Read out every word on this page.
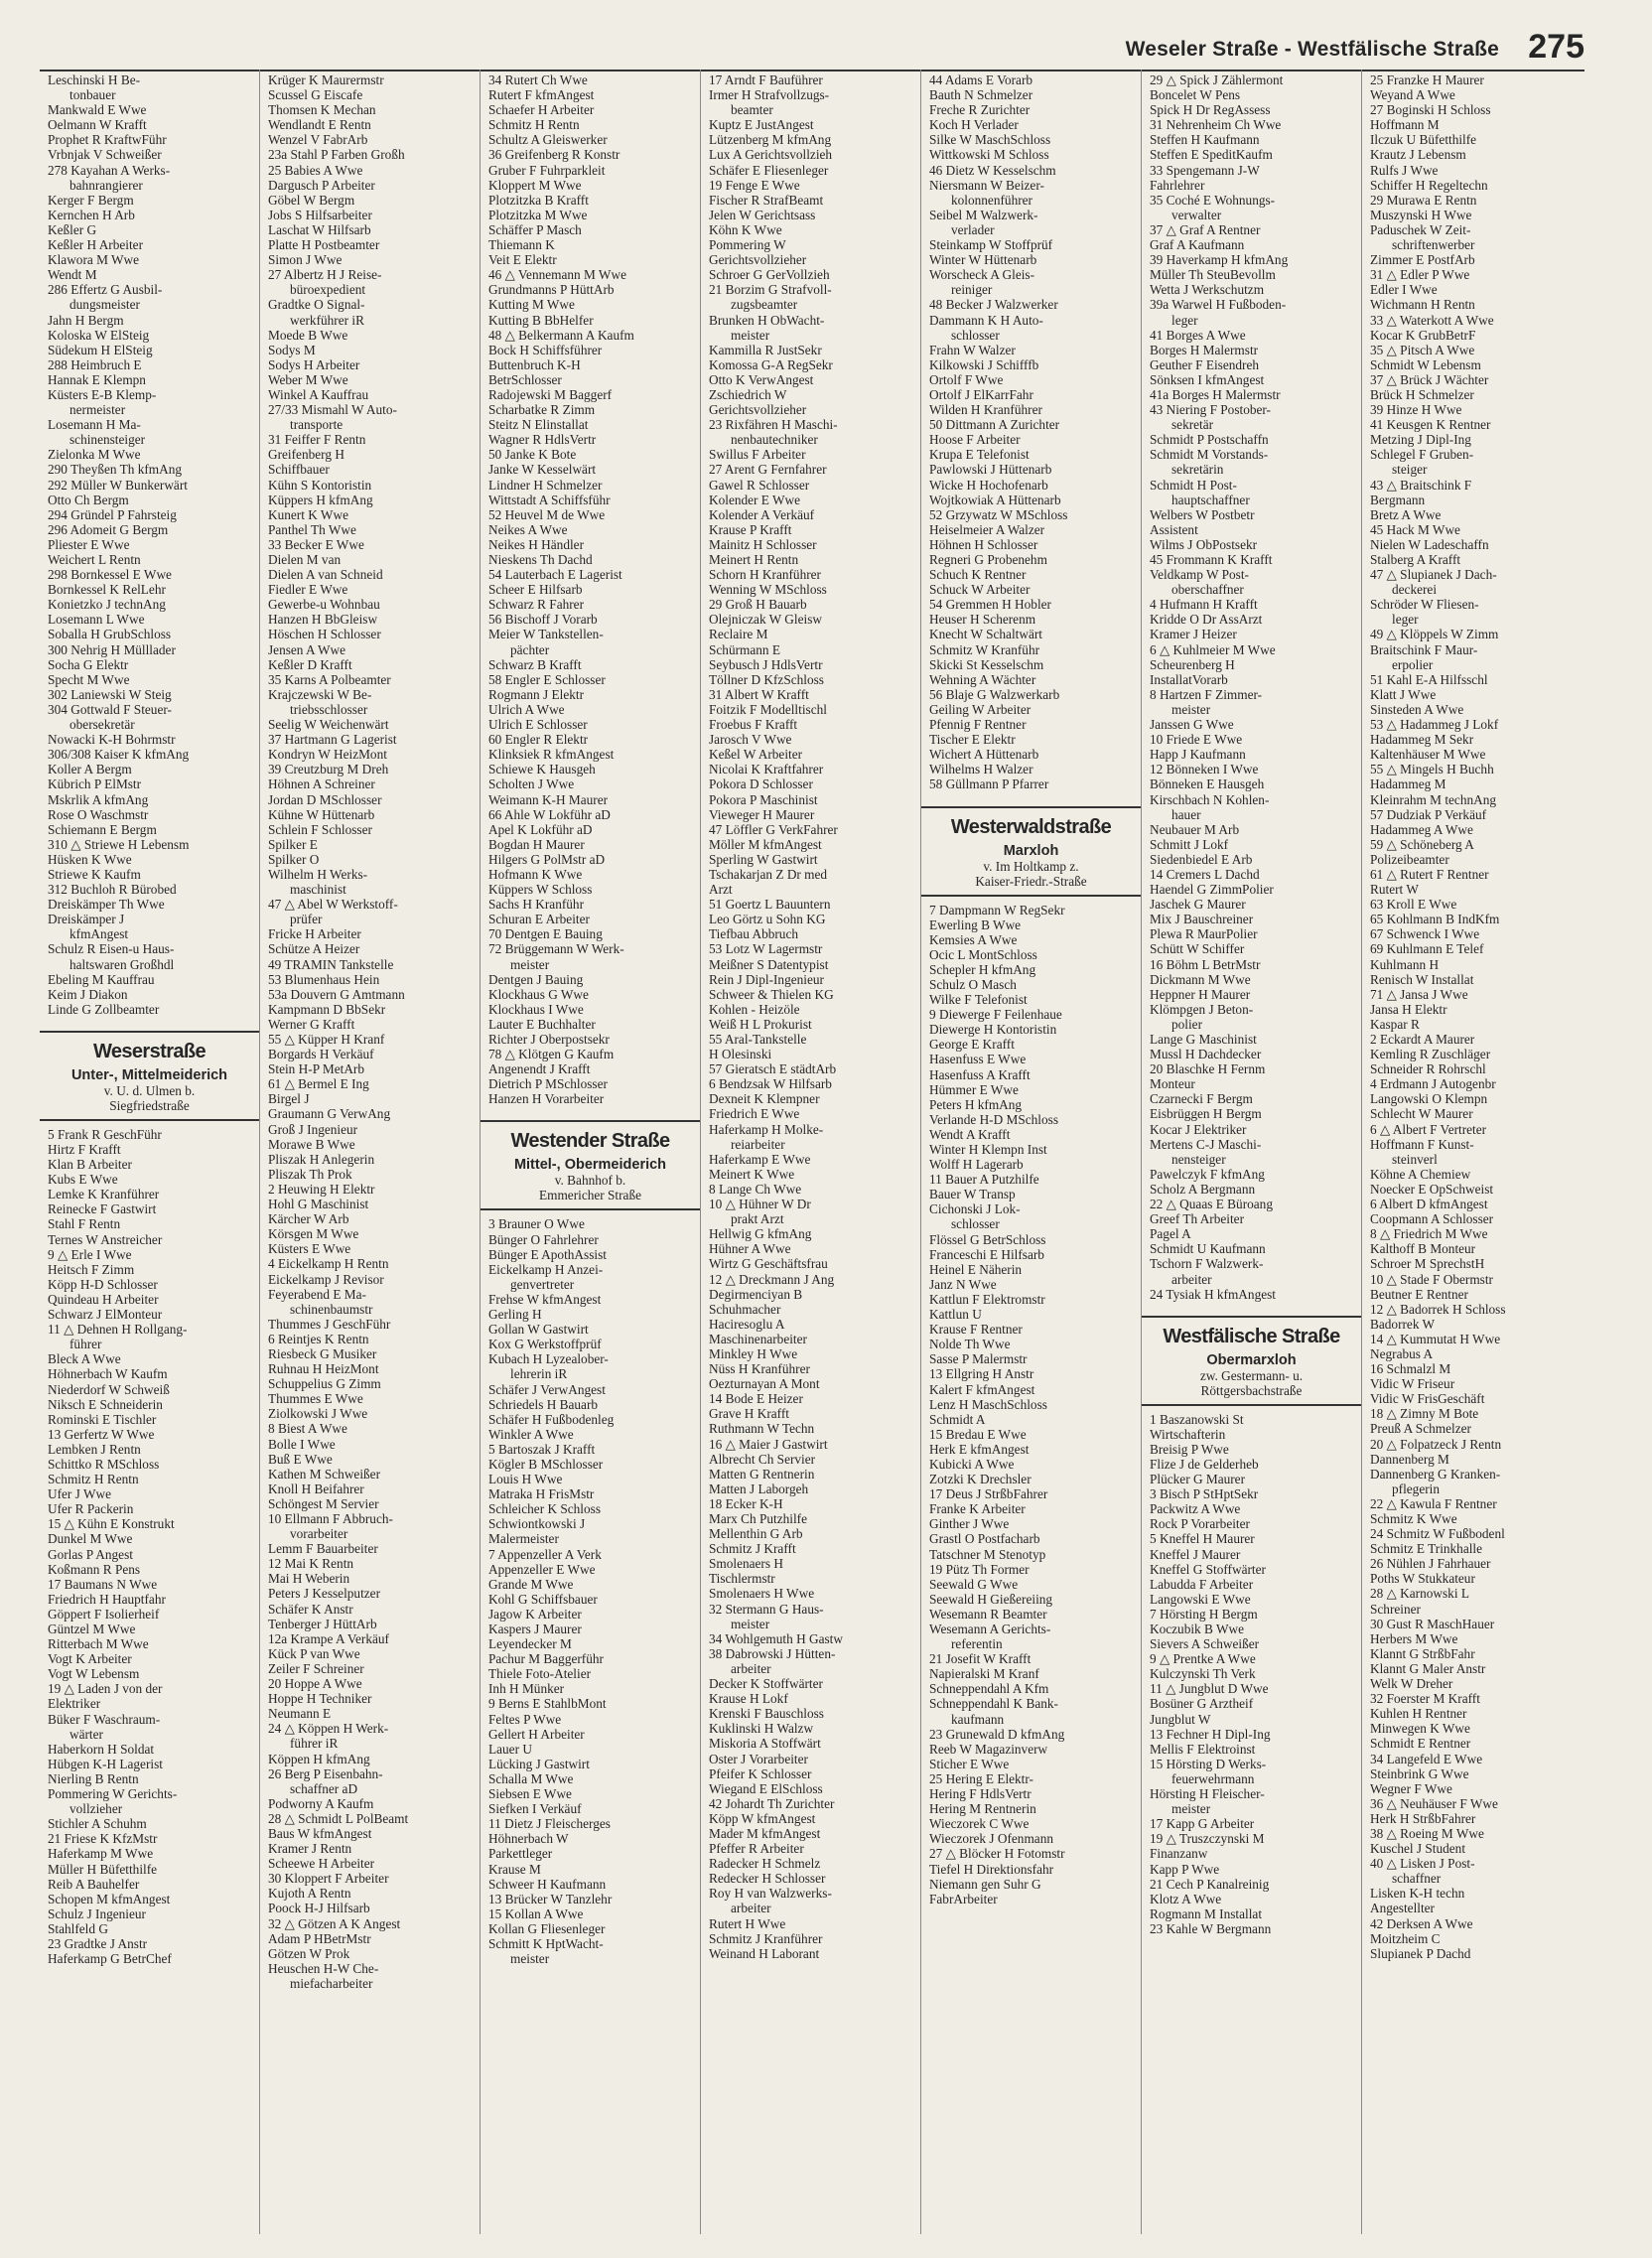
Weseler Straße - Westfälische Straße 275
Leschinski H Be-
tonbauer
Mankwald E Wwe
Oelmann W Krafft
Prophet R KraftwFühr
Vrbnjak V Schweißer
278 Kayahan A Werks-
bahnrangierer
Kerger F Bergm
Kernchen H Arb
Keßler G
Keßler H Arbeiter
Klawora M Wwe
Wendt M
286 Effertz G Ausbil-
dungsmeister
Jahn H Bergm
Koloska W ElSteig
Südekum H ElSteig
288 Heimbruch E
Hannak E Klempn
Küsters E-B Klemp-
nermeister
Losemann H Ma-
schinensteiger
Zielonka M Wwe
290 Theyßen Th kfmAng
292 Müller W Bunkerwärt
Otto Ch Bergm
294 Gründel P Fahrsteig
296 Adomeit G Bergm
Pliester E Wwe
Weichert L Rentn
298 Bornkessel E Wwe
Bornkessel K RelLehr
Konietzko J technAng
Losemann L Wwe
Soballa H GrubSchloss
300 Nehrig H Mülllader
Socha G Elektr
Specht M Wwe
302 Laniewski W Steig
304 Gottwald F Steuer-
obersekretär
Nowacki K-H Bohrmstr
306/308 Kaiser K kfmAng
Koller A Bergm
Kübrich P ElMstr
Mskrlik A kfmAng
Rose O Waschmstr
Schiemann E Bergm
310 △ Striewe H Lebensm
Hüsken K Wwe
Striewe K Kaufm
312 Buchloh R Bürobed
Dreiskämper Th Wwe
Dreiskämper J
kfmAngest
Schulz R Eisen-u Haus-
haltswaren Großhdl
Ebeling M Kauffrau
Keim J Diakon
Linde G Zollbeamter
Weserstraße
Unter-, Mittelmeiderich
v. U. d. Ulmen b.
Siegfriedstraße
5 Frank R GeschFühr
Hirtz F Krafft
Klan B Arbeiter
Kubs E Wwe
Lemke K Kranführer
Reinecke F Gastwirt
Stahl F Rentn
Ternes W Anstreicher
9 △ Erle I Wwe
Heitsch F Zimm
Köpp H-D Schlosser
Quindeau H Arbeiter
Schwarz J ElMonteur
11 △ Dehnen H Rollgang-
führer
Bleck A Wwe
Höhnerbach W Kaufm
Niederdorf W Schweiß
Niksch E Schneiderin
Rominski E Tischler
13 Gerfertz W Wwe
Lembken J Rentn
Schittko R MSchloss
Schmitz H Rentn
Ufer J Wwe
Ufer R Packerin
15 △ Kühn E Konstrukt
Dunkel M Wwe
Gorlas P Angest
Koßmann R Pens
17 Baumans N Wwe
Friedrich H Hauptfahr
Göppert F Isolierheif
Güntzel M Wwe
Ritterbach M Wwe
Vogt K Arbeiter
Vogt W Lebensm
19 △ Laden J von der
Elektriker
Büker F Waschraum-
wärter
Haberkorn H Soldat
Hübgen K-H Lagerist
Nierling B Rentn
Pommering W Gerichts-
vollzieher
Stichler A Schuhm
21 Friese K KfzMstr
Haferkamp M Wwe
Müller H Büfetthilfe
Reib A Bauhelfer
Schopen M kfmAngest
Schulz J Ingenieur
Stahlfeld G
23 Gradtke J Anstr
Haferkamp G BetrChef
Krüger K Maurermstr
Scussel G Eiscafe
Thomsen K Mechan
Wendlandt E Rentn
Wenzel V FabrArb
23a Stahl P Farben Großh
25 Babies A Wwe
Dargusch P Arbeiter
Göbel W Bergm
Jobs S Hilfsarbeiter
Laschat W Hilfsarb
Platte H Postbeamter
Simon J Wwe
27 Albertz H J Reise-
büroexpedient
Gradtke O Signal-
werkführer iR
Moede B Wwe
Sodys M
Sodys H Arbeiter
Weber M Wwe
Winkel A Kauffrau
27/33 Mismahl W Auto-
transporte
31 Feiffer F Rentn
Greifenberg H
Schiffbauer
Kühn S Kontoristin
Küppers H kfmAng
Kunert K Wwe
Panthel Th Wwe
33 Becker E Wwe
Dielen M van
Dielen A van Schneid
Fiedler E Wwe
Gewerbe-u Wohnbau
Hanzen H BbGleisw
Höschen H Schlosser
Jensen A Wwe
Keßler D Krafft
35 Karns A Polbeamter
Krajczewski W Be-
triebsschlosser
Seelig W Weichenwärt
37 Hartmann G Lagerist
Kondryn W HeizMont
39 Creutzburg M Dreh
Höhnen A Schreiner
Jordan D MSchlosser
Kühne W Hüttenarb
Schlein F Schlosser
Spilker E
Spilker O
Wilhelm H Werks-
maschinist
47 △ Abel W Werkstoff-
prüfer
Fricke H Arbeiter
Schütze A Heizer
49 TRAMIN Tankstelle
53 Blumenhaus Hein
53a Douvern G Amtmann
Kampmann D BbSekr
Werner G Krafft
55 △ Küpper H Kranf
Borgards H Verkäuf
Stein H-P MetArb
61 △ Bermel E Ing
Birgel J
Graumann G VerwAng
Groß J Ingenieur
Morawe B Wwe
Pliszak H Anlegerin
Pliszak Th Prok
2 Heuwing H Elektr
Hohl G Maschinist
Kärcher W Arb
Körsgen M Wwe
Küsters E Wwe
4 Eickelkamp H Rentn
Eickelkamp J Revisor
Feyerabend E Ma-
schinenbaumstr
Thummes J GeschFühr
6 Reintjes K Rentn
Riesbeck G Musiker
Ruhnau H HeizMont
Schuppelius G Zimm
Thummes E Wwe
Ziolkowski J Wwe
8 Biest A Wwe
Bolle I Wwe
Buß E Wwe
Kathen M Schweißer
Knoll H Beifahrer
Schöngest M Servier
10 Ellmann F Abbruch-
vorarbeiter
Lemm F Bauarbeiter
12 Mai K Rentn
Mai H Weberin
Peters J Kesselputzer
Schäfer K Anstr
Tenberger J HüttArb
12a Krampe A Verkäuf
Kück P van Wwe
Zeiler F Schreiner
20 Hoppe A Wwe
Hoppe H Techniker
Neumann E
24 △ Köppen H Werk-
führer iR
Köppen H kfmAng
26 Berg P Eisenbahn-
schaffner aD
Podworny A Kaufm
28 △ Schmidt L PolBeamt
Baus W kfmAngest
Kramer J Rentn
Scheewe H Arbeiter
30 Kloppert F Arbeiter
Kujoth A Rentn
Poock H-J Hilfsarb
32 △ Götzen A K Angest
Adam P HBetrMstr
Götzen W Prok
Heuschen H-W Che-
miefacharbeiter
34 Rutert Ch Wwe
Rutert F kfmAngest
Schaefer H Arbeiter
Schmitz H Rentn
Schultz A Gleiswerker
36 Greifenberg R Konstr
Gruber F Fuhrparkleit
Kloppert M Wwe
Plotzitzka B Krafft
Plotzitzka M Wwe
Schäffer P Masch
Thiemann K
Veit E Elektr
46 △ Vennemann M Wwe
Grundmanns P HüttArb
Kutting M Wwe
Kutting B BbHelfer
48 △ Belkermann A Kaufm
Bock H Schiffsführer
Buttenbruch K-H
BetrSchlosser
Radojewski M Baggerf
Scharbatke R Zimm
Steitz N Elinstallat
Wagner R HdlsVertr
50 Janke K Bote
Janke W Kesselwärt
Lindner H Schmelzer
Wittstadt A Schiffsführ
52 Heuvel M de Wwe
Neikes A Wwe
Neikes H Händler
Nieskens Th Dachd
54 Lauterbach E Lagerist
Scheer E Hilfsarb
Schwarz R Fahrer
56 Bischoff J Vorarb
Meier W Tankstellen-
pächter
Schwarz B Krafft
58 Engler E Schlosser
Rogmann J Elektr
Ulrich A Wwe
Ulrich E Schlosser
60 Engler R Elektr
Klinksiek R kfmAngest
Schiewe K Hausgeh
Scholten J Wwe
Weimann K-H Maurer
66 Ahle W Lokführ aD
Apel K Lokführ aD
Bogdan H Maurer
Hilgers G PolMstr aD
Hofmann K Wwe
Küppers W Schloss
Sachs H Kranführ
Schuran E Arbeiter
70 Dentgen E Bauing
72 Brüggemann W Werk-
meister
Dentgen J Bauing
Klockhaus G Wwe
Klockhaus I Wwe
Lauter E Buchhalter
Richter J Oberpostsekr
78 △ Klötgen G Kaufm
Angenendt J Krafft
Dietrich P MSchlosser
Hanzen H Vorarbeiter
Westender Straße
Mittel-, Obermeiderich
v. Bahnhof b.
Emmericher Straße
3 Brauner O Wwe
Bünger O Fahrlehrer
Bünger E ApothAssist
Eickelkamp H Anzei-
genvertreter
Frehse W kfmAngest
Gerling H
Gollan W Gastwirt
Kox G Werkstoffprüf
Kubach H Lyzealober-
lehrerin iR
Schäfer J VerwAngest
Schriedels H Bauarb
Schäfer H Fußbodenleg
Winkler A Wwe
5 Bartoszak J Krafft
Kögler B MSchlosser
Louis H Wwe
Matraka H FrisMstr
Schleicher K Schloss
Schwiontkowski J
Malermeister
7 Appenzeller A Verk
Appenzeller E Wwe
Grande M Wwe
Kohl G Schiffsbauer
Jagow K Arbeiter
Kaspers J Maurer
Leyendecker M
Pachur M Baggerführ
Thiele Foto-Atelier
Inh H Münker
9 Berns E StahlbMont
Feltes P Wwe
Gellert H Arbeiter
Lauer U
Lücking J Gastwirt
Schalla M Wwe
Siebsen E Wwe
Siefken I Verkäuf
11 Dietz J Fleischerges
Höhnerbach W
Parkettleger
Krause M
Schweer H Kaufmann
13 Brücker W Tanzlehr
15 Kollan A Wwe
Kollan G Fliesenleger
Schmitt K HptWacht-
meister
17 Arndt F Bauführer
Irmer H Strafvollzugs-
beamter
Kuptz E JustAngest
Lützenberg M kfmAng
Lux A Gerichtsvollzieh
Schäfer E Fliesenleger
19 Fenge E Wwe
Fischer R StrafBeamt
Jelen W Gerichtsass
Köhn K Wwe
Pommering W
Gerichtsvollzieher
Schroer G GerVollzieh
21 Borzim G Strafvoll-
zugsbeamter
Brunken H ObWacht-
meister
Kammilla R JustSekr
Komossa G-A RegSekr
Otto K VerwAngest
Zschiedrich W
Gerichtsvollzieher
23 Rixfähren H Maschi-
nenbautechniker
Swillus F Arbeiter
27 Arent G Fernfahrer
Gawel R Schlosser
Kolender E Wwe
Kolender A Verkäuf
Krause P Krafft
Mainitz H Schlosser
Meinert H Rentn
Schorn H Kranführer
Wenning W MSchloss
29 Groß H Bauarb
Olejniczak W Gleisw
Reclaire M
Schürmann E
Seybusch J HdlsVertr
Töllner D KfzSchloss
31 Albert W Krafft
Foitzik F Modelltischl
Froebus F Krafft
Jarosch V Wwe
Keßel W Arbeiter
Nicolai K Kraftfahrer
Pokora D Schlosser
Pokora P Maschinist
Vieweger H Maurer
47 Löffler G VerkFahrer
Möller M kfmAngest
Sperling W Gastwirt
Tschakarjan Z Dr med
Arzt
51 Goertz L Bauuntern
Leo Görtz u Sohn KG
Tiefbau Abbruch
53 Lotz W Lagermstr
Meißner S Datentypist
Rein J Dipl-Ingenieur
Schweer & Thielen KG
Kohlen - Heizöle
Weiß H L Prokurist
55 Aral-Tankstelle
H Olesinski
57 Gieratsch E städtArb
6 Bendzsak W Hilfsarb
Dexneit K Klempner
Friedrich E Wwe
Haferkamp H Molke-
reiarbeiter
Haferkamp E Wwe
Meinert K Wwe
8 Lange Ch Wwe
10 △ Hühner W Dr
prakt Arzt
Hellwig G kfmAng
Hühner A Wwe
Wirtz G Geschäftsfrau
12 △ Dreckmann J Ang
Degirmenciyan B
Schuhmacher
Haciresoglu A
Maschinenarbeiter
Minkley H Wwe
Nüss H Kranführer
Oezturnayan A Mont
14 Bode E Heizer
Grave H Krafft
Ruthmann W Techn
16 △ Maier J Gastwirt
Albrecht Ch Servier
Matten G Rentnerin
Matten J Laborgeh
18 Ecker K-H
Marx Ch Putzhilfe
Mellenthin G Arb
Schmitz J Krafft
Smolenaers H
Tischlermstr
Smolenaers H Wwe
32 Stermann G Haus-
meister
34 Wohlgemuth H Gastw
38 Dabrowski J Hütten-
arbeiter
Decker K Stoffwärter
Krause H Lokf
Krenski F Bauschloss
Kuklinski H Walzw
Miskoria A Stoffwärt
Oster J Vorarbeiter
Pfeifer K Schlosser
Wiegand E ElSchloss
42 Johardt Th Zurichter
Köpp W kfmAngest
Mader M kfmAngest
Pfeffer R Arbeiter
Radecker H Schmelz
Redecker H Schlosser
Roy H van Walzwerks-
arbeiter
Rutert H Wwe
Schmitz J Kranführer
Weinand H Laborant
44 Adams E Vorarb
Bauth N Schmelzer
Freche R Zurichter
Koch H Verlader
Silke W MaschSchloss
Wittkowski M Schloss
46 Dietz W Kesselschm
Niersmann W Beizer-
kolonnenführer
Seibel M Walzwerk-
verlader
Steinkamp W Stoffprüf
Winter W Hüttenarb
Worscheck A Gleis-
reiniger
48 Becker J Walzwerker
Dammann K H Auto-
schlosser
Frahn W Walzer
Kilkowski J Schifffb
Ortolf F Wwe
Ortolf J ElKarrFahr
Wilden H Kranführer
50 Dittmann A Zurichter
Hoose F Arbeiter
Krupa E Telefonist
Pawlowski J Hüttenarb
Wicke H Hochofenarb
Wojtkowiak A Hüttenarb
52 Grzywatz W MSchloss
Heiselmeier A Walzer
Höhnen H Schlosser
Regneri G Probenehm
Schuch K Rentner
Schuck W Arbeiter
54 Gremmen H Hobler
Heuser H Scherenm
Knecht W Schaltwärt
Schmitz W Kranführ
Skicki St Kesselschm
Wehning A Wächter
56 Blaje G Walzwerkarb
Geiling W Arbeiter
Pfennig F Rentner
Tischer E Elektr
Wichert A Hüttenarb
Wilhelms H Walzer
58 Güllmann P Pfarrer
Westerwaldstraße
Marxloh
v. Im Holtkamp z.
Kaiser-Friedr.-Straße
7 Dampmann W RegSekr
Ewerling B Wwe
Kemsies A Wwe
Ocic L MontSchloss
Schepler H kfmAng
Schulz O Masch
Wilke F Telefonist
9 Diewerge F Feilenhaue
Diewerge H Kontoristin
George E Krafft
Hasenfuss E Wwe
Hasenfuss A Krafft
Hümmer E Wwe
Peters H kfmAng
Verlande H-D MSchloss
Wendt A Krafft
Winter H Klempn Inst
Wolff H Lagerarb
11 Bauer A Putzhilfe
Bauer W Transp
Cichonski J Lok-
schlosser
Flössel G BetrSchloss
Franceschi E Hilfsarb
Heinel E Näherin
Janz N Wwe
Kattlun F Elektromstr
Kattlun U
Krause F Rentner
Nolde Th Wwe
Sasse P Malermstr
13 Ellgring H Anstr
Kalert F kfmAngest
Lenz H MaschSchloss
Schmidt A
15 Bredau E Wwe
Herk E kfmAngest
Kubicki A Wwe
Zotzki K Drechsler
17 Deus J StrßbFahrer
Franke K Arbeiter
Ginther J Wwe
Grastl O Postfacharb
Tatschner M Stenotyp
19 Pütz Th Former
Seewald G Wwe
Seewald H Gießereiing
Wesemann R Beamter
Wesemann A Gerichts-
referentin
21 Josefit W Krafft
Napieralski M Kranf
Schneppendahl A Kfm
Schneppendahl K Bank-
kaufmann
23 Grunewald D kfmAng
Reeb W Magazinverw
Sticher E Wwe
25 Hering E Elektr-
Hering F HdlsVertr
Hering M Rentnerin
Wieczorek C Wwe
Wieczorek J Ofenmann
27 △ Blöcker H Fotomstr
Tiefel H Direktionsfahr
Niemann gen Suhr G
FabrArbeiter
29 △ Spick J Zählermont
Boncelet W Pens
Spick H Dr RegAssess
31 Nehrenheim Ch Wwe
Steffen H Kaufmann
Steffen E SpeditKaufm
33 Spengemann J-W
Fahrlehrer
35 Coché E Wohnungs-
verwalter
37 △ Graf A Rentner
Graf A Kaufmann
39 Haverkamp H kfmAng
Müller Th SteuBevollm
Wetta J Werkschutzm
39a Warwel H Fußboden-
leger
41 Borges A Wwe
Borges H Malermstr
Geuther F Eisendreh
Sönksen I kfmAngest
41a Borges H Malermstr
43 Niering F Postober-
sekretär
Schmidt P Postschaffn
Schmidt M Vorstands-
sekretärin
Schmidt H Post-
hauptschaffner
Welbers W Postbetr
Assistent
Wilms J ObPostsekr
45 Frommann K Krafft
Veldkamp W Post-
oberschaffner
4 Hufmann H Krafft
Kridde O Dr AssArzt
Kramer J Heizer
6 △ Kuhlmeier M Wwe
Scheurenberg H
InstallatVorarb
8 Hartzen F Zimmer-
meister
Janssen G Wwe
10 Friede E Wwe
Happ J Kaufmann
12 Bönneken I Wwe
Bönneken E Hausgeh
Kirschbach N Kohlen-
hauer
Neubauer M Arb
Schmitt J Lokf
Siedenbiedel E Arb
14 Cremers L Dachd
Haendel G ZimmPolier
Jaschek G Maurer
Mix J Bauschreiner
Plewa R MaurPolier
Schütt W Schiffer
16 Böhm L BetrMstr
Dickmann M Wwe
Heppner H Maurer
Klömpgen J Beton-
polier
Lange G Maschinist
Mussl H Dachdecker
20 Blaschke H Fernm
Monteur
Czarnecki F Bergm
Eisbrüggen H Bergm
Kocar J Elektriker
Mertens C-J Maschi-
nensteiger
Pawelczyk F kfmAng
Scholz A Bergmann
22 △ Quaas E Büroang
Greef Th Arbeiter
Pagel A
Schmidt U Kaufmann
Tschorn F Walzwerk-
arbeiter
24 Tysiak H kfmAngest
Westfälische Straße
Obermarxloh
zw. Gestermann- u.
Röttgersbachstraße
1 Baszanowski St
Wirtschafterin
Breisig P Wwe
Flize J de Gelderheb
Plücker G Maurer
3 Bisch P StHptSekr
Packwitz A Wwe
Rock P Vorarbeiter
5 Kneffel H Maurer
Kneffel J Maurer
Kneffel G Stoffwärter
Labudda F Arbeiter
Langowski E Wwe
7 Hörsting H Bergm
Koczubik B Wwe
Sievers A Schweißer
9 △ Prentke A Wwe
Kulczynski Th Verk
11 △ Jungblut D Wwe
Bosüner G Arztheif
Jungblut W
13 Fechner H Dipl-Ing
Mellis F Elektroinst
15 Hörsting D Werks-
feuerwehrmann
Hörsting H Fleischer-
meister
17 Kapp G Arbeiter
19 △ Truszczynski M
Finanzanw
Kapp P Wwe
21 Cech P Kanalreinig
Klotz A Wwe
Rogmann M Installat
23 Kahle W Bergmann
25 Franzke H Maurer
Weyand A Wwe
27 Boginski H Schloss
Hoffmann M
Ilczuk U Büfetthilfe
Krautz J Lebensm
Rulfs J Wwe
Schiffer H Regeltechn
29 Murawa E Rentn
Muszynski H Wwe
Paduschek W Zeit-
schriftenwerber
Zimmer E PostfArb
31 △ Edler P Wwe
Edler I Wwe
Wichmann H Rentn
33 △ Waterkott A Wwe
Kocar K GrubBetrF
35 △ Pitsch A Wwe
Schmidt W Lebensm
37 △ Brück J Wächter
Brück H Schmelzer
39 Hinze H Wwe
41 Keusgen K Rentner
Metzing J Dipl-Ing
Schlegel F Gruben-
steiger
43 △ Braitschink F
Bergmann
Bretz A Wwe
45 Hack M Wwe
Nielen W Ladeschaffn
Stalberg A Krafft
47 △ Slupianek J Dach-
deckerei
Schröder W Fliesen-
leger
49 △ Klöppels W Zimm
Braitschink F Maur-
erpolier
51 Kahl E-A Hilfsschl
Klatt J Wwe
Sinsteden A Wwe
53 △ Hadammeg J Lokf
Hadammeg M Sekr
Kaltenhäuser M Wwe
55 △ Mingels H Buchh
Hadammeg M
Kleinrahm M technAng
57 Dudziak P Verkäuf
Hadammeg A Wwe
59 △ Schöneberg A
Polizeibeamter
61 △ Rutert F Rentner
Rutert W
63 Kroll E Wwe
65 Kohlmann B IndKfm
67 Schwenck I Wwe
69 Kuhlmann E Telef
Kuhlmann H
Renisch W Installat
71 △ Jansa J Wwe
Jansa H Elektr
Kaspar R
2 Eckardt A Maurer
Kemling R Zuschläger
Schneider R Rohrschl
4 Erdmann J Autogenbr
Langowski O Klempn
Schlecht W Maurer
6 △ Albert F Vertreter
Hoffmann F Kunst-
steinverl
Köhne A Chemiew
Noecker E OpSchweist
6 Albert D kfmAngest
Coopmann A Schlosser
8 △ Friedrich M Wwe
Kalthoff B Monteur
Schroer M SprechstH
10 △ Stade F Obermstr
Beutner E Rentner
12 △ Badorrek H Schloss
Badorrek W
14 △ Kummutat H Wwe
Negrabus A
16 Schmalzl M
Vidic W Friseur
Vidic W FrisGeschäft
18 △ Zimny M Bote
Preuß A Schmelzer
20 △ Folpatzeck J Rentn
Dannenberg M
Dannenberg G Kranken-
pflegerin
22 △ Kawula F Rentner
Schmitz K Wwe
24 Schmitz W Fußbodenl
Schmitz E Trinkhalle
26 Nühlen J Fahrhauer
Poths W Stukkateur
28 △ Karnowski L
Schreiner
30 Gust R MaschHauer
Herbers M Wwe
Klannt G StrßbFahr
Klannt G Maler Anstr
Welk W Dreher
32 Foerster M Krafft
Kuhlen H Rentner
Minwegen K Wwe
Schmidt E Rentner
34 Langefeld E Wwe
Steinbrink G Wwe
Wegner F Wwe
36 △ Neuhäuser F Wwe
Herk H StrßbFahrer
38 △ Roeing M Wwe
Kuschel J Student
40 △ Lisken J Post-
schaffner
Lisken K-H techn
Angestellter
42 Derksen A Wwe
Moitzheim C
Slupianek P Dachd
